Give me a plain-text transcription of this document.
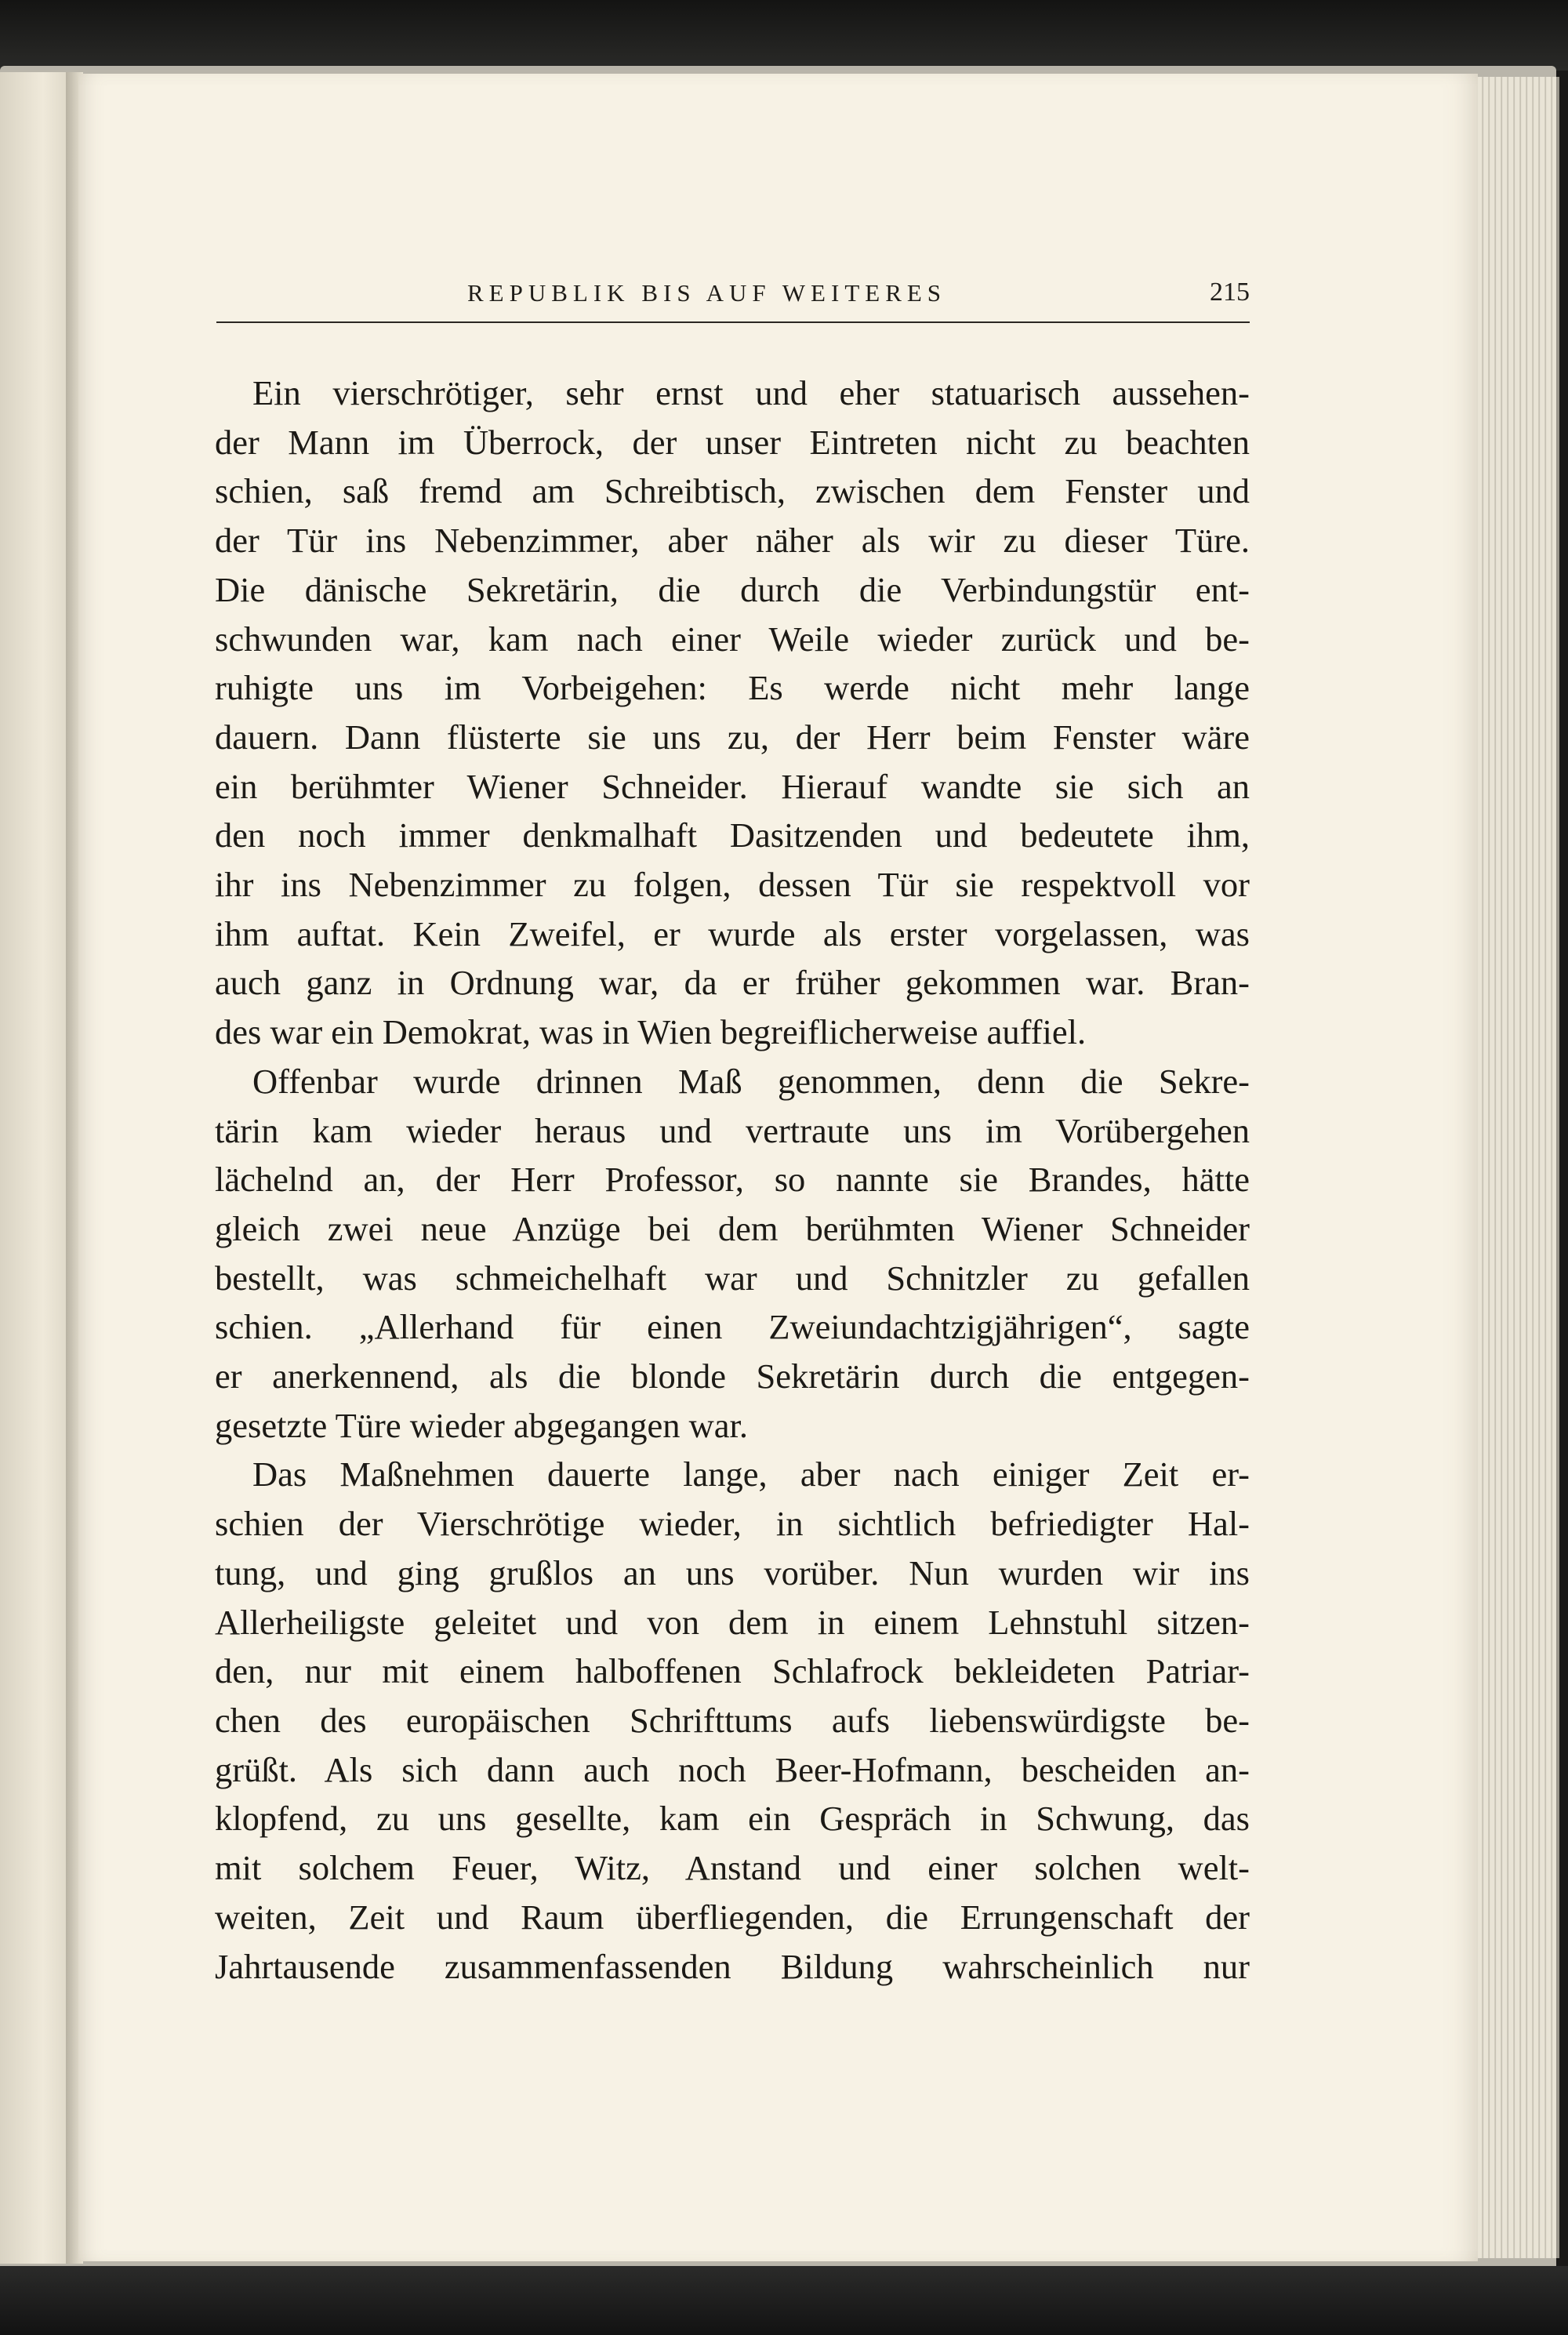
REPUBLIK BIS AUF WEITERES	215
Ein vierschrötiger, sehr ernst und eher statuarisch aussehen-
der Mann im Überrock, der unser Eintreten nicht zu beachten
schien, saß fremd am Schreibtisch, zwischen dem Fenster und
der Tür ins Nebenzimmer, aber näher als wir zu dieser Türe.
Die dänische Sekretärin, die durch die Verbindungstür ent-
schwunden war, kam nach einer Weile wieder zurück und be-
ruhigte uns im Vorbeigehen: Es werde nicht mehr lange
dauern. Dann flüsterte sie uns zu, der Herr beim Fenster wäre
ein berühmter Wiener Schneider. Hierauf wandte sie sich an
den noch immer denkmalhaft Dasitzenden und bedeutete ihm,
ihr ins Nebenzimmer zu folgen, dessen Tür sie respektvoll vor
ihm auftat. Kein Zweifel, er wurde als erster vorgelassen, was
auch ganz in Ordnung war, da er früher gekommen war. Bran-
des war ein Demokrat, was in Wien begreiflicherweise auffiel.
Offenbar wurde drinnen Maß genommen, denn die Sekre-
tärin kam wieder heraus und vertraute uns im Vorübergehen
lächelnd an, der Herr Professor, so nannte sie Brandes, hätte
gleich zwei neue Anzüge bei dem berühmten Wiener Schneider
bestellt, was schmeichelhaft war und Schnitzler zu gefallen
schien. „Allerhand für einen Zweiundachtzigjährigen“, sagte
er anerkennend, als die blonde Sekretärin durch die entgegen-
gesetzte Türe wieder abgegangen war.
Das Maßnehmen dauerte lange, aber nach einiger Zeit er-
schien der Vierschrötige wieder, in sichtlich befriedigter Hal-
tung, und ging grußlos an uns vorüber. Nun wurden wir ins
Allerheiligste geleitet und von dem in einem Lehnstuhl sitzen-
den, nur mit einem halboffenen Schlafrock bekleideten Patriar-
chen des europäischen Schrifttums aufs liebenswürdigste be-
grüßt. Als sich dann auch noch Beer-Hofmann, bescheiden an-
klopfend, zu uns gesellte, kam ein Gespräch in Schwung, das
mit solchem Feuer, Witz, Anstand und einer solchen welt-
weiten, Zeit und Raum überfliegenden, die Errungenschaft der
Jahrtausende zusammenfassenden Bildung wahrscheinlich nur
